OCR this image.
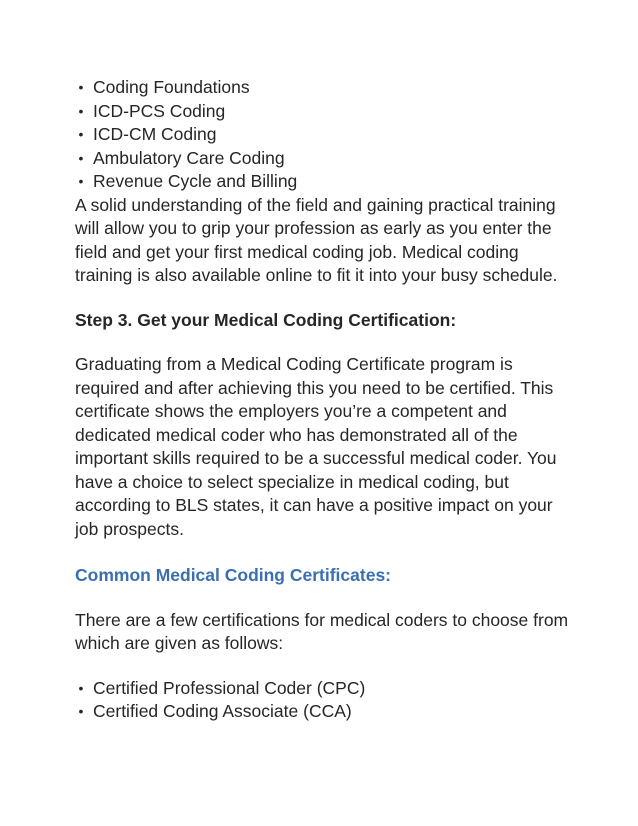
• Coding Foundations
• ICD-PCS Coding
• ICD-CM Coding
• Ambulatory Care Coding
• Revenue Cycle and Billing

A solid understanding of the field and gaining practical training will allow you to grip your profession as early as you enter the field and get your first medical coding job. Medical coding training is also available online to fit it into your busy schedule.

Step 3. Get your Medical Coding Certification:

Graduating from a Medical Coding Certificate program is required and after achieving this you need to be certified. This certificate shows the employers you’re a competent and dedicated medical coder who has demonstrated all of the important skills required to be a successful medical coder. You have a choice to select specialize in medical coding, but according to BLS states, it can have a positive impact on your job prospects.

Common Medical Coding Certificates:

There are a few certifications for medical coders to choose from which are given as follows:

• Certified Professional Coder (CPC)
• Certified Coding Associate (CCA)
